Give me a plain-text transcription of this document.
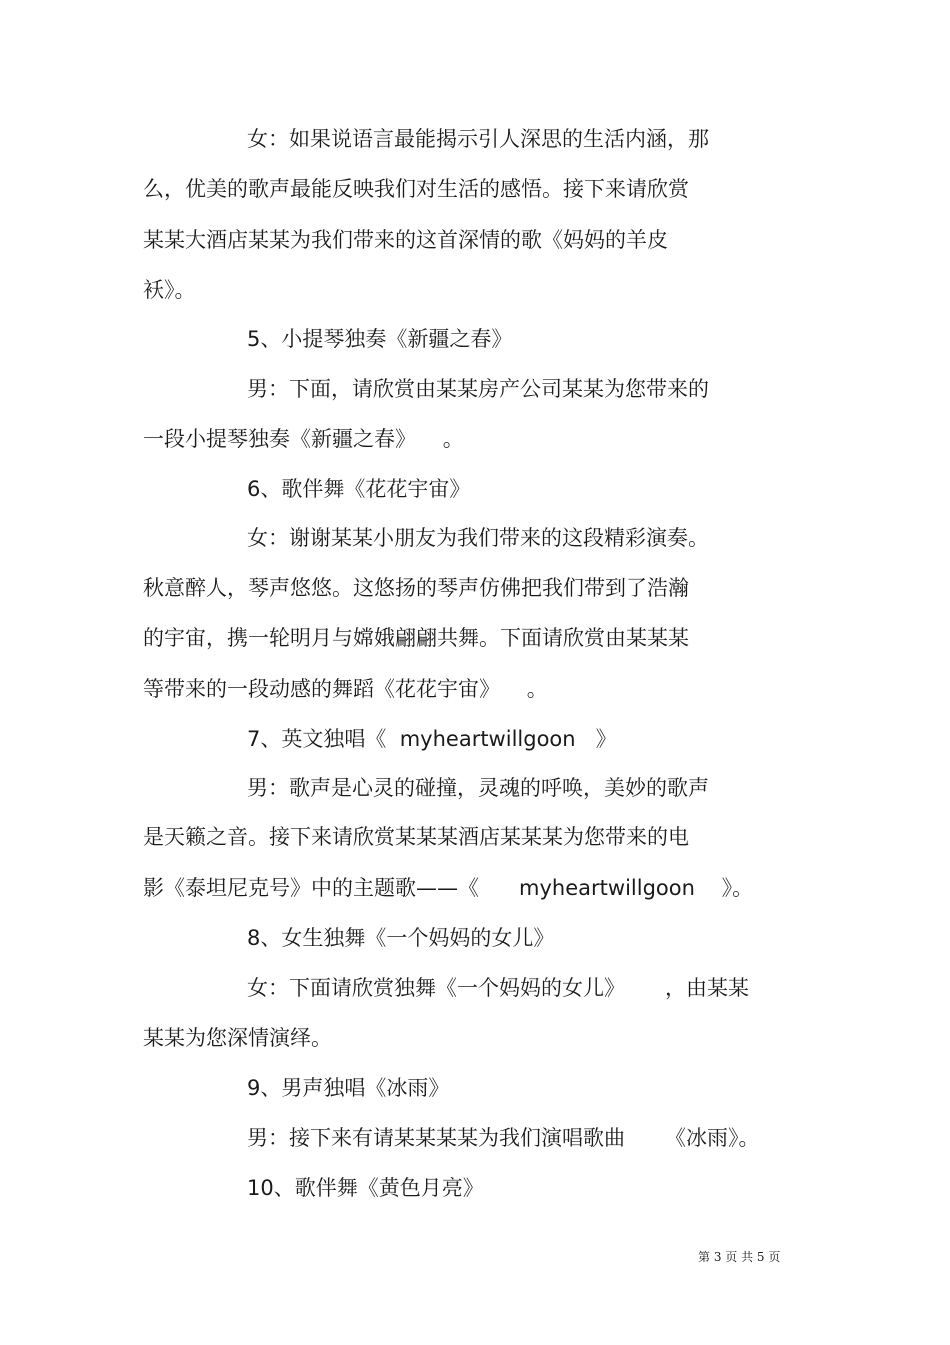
女：如果说语言最能揭示引人深思的生活内涵，那

么，优美的歌声最能反映我们对生活的感悟。接下来请欣赏

某某大酒店某某为我们带来的这首深情的歌《妈妈的羊皮

袄》。

5、小提琴独奏《新疆之春》

男：下面，请欣赏由某某房产公司某某为您带来的

一段小提琴独奏《新疆之春》    。

6、歌伴舞《花花宇宙》

女：谢谢某某小朋友为我们带来的这段精彩演奏。

秋意醉人，琴声悠悠。这悠扬的琴声仿佛把我们带到了浩瀚

的宇宙，携一轮明月与嫦娥翩翩共舞。下面请欣赏由某某某

等带来的一段动感的舞蹈《花花宇宙》    。

7、英文独唱《  myheartwillgoon   》

男：歌声是心灵的碰撞，灵魂的呼唤，美妙的歌声

是天籁之音。接下来请欣赏某某某酒店某某某为您带来的电

影《泰坦尼克号》中的主题歌——《      myheartwillgoon    》。

8、女生独舞《一个妈妈的女儿》

女：下面请欣赏独舞《一个妈妈的女儿》      ，由某某

某某为您深情演绎。

9、男声独唱《冰雨》

男：接下来有请某某某某为我们演唱歌曲      《冰雨》。

10、歌伴舞《黄色月亮》

第 3 页 共 5 页
